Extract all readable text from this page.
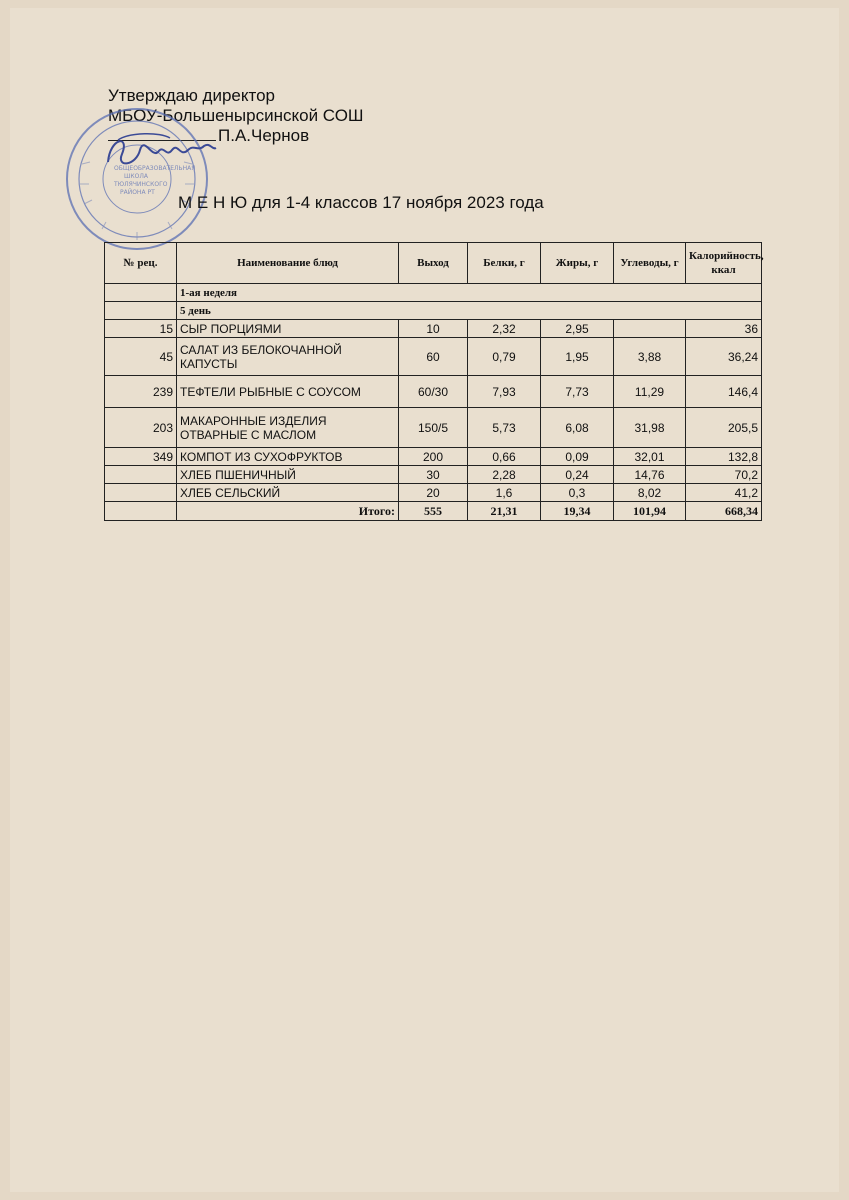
Утверждаю директор
МБОУ-Большенырсинской СОШ
П.А.Чернов
ОБЩЕОБРАЗОВАТЕЛЬНАЯ
ШКОЛА
ТЮЛЯЧИНСКОГО
РАЙОНА РТ
М Е Н Ю для 1-4 классов 17 ноября 2023 года
№ рец.	Наименование блюд	Выход	Белки, г	Жиры, г	Углеводы, г	Калорийность, ккал
	1-ая неделя					
	5 день					
15	СЫР ПОРЦИЯМИ	10	2,32	2,95		36
45	САЛАТ ИЗ БЕЛОКОЧАННОЙ КАПУСТЫ	60	0,79	1,95	3,88	36,24
239	ТЕФТЕЛИ РЫБНЫЕ С СОУСОМ	60/30	7,93	7,73	11,29	146,4
203	МАКАРОННЫЕ ИЗДЕЛИЯ ОТВАРНЫЕ С МАСЛОМ	150/5	5,73	6,08	31,98	205,5
349	КОМПОТ ИЗ СУХОФРУКТОВ	200	0,66	0,09	32,01	132,8
	ХЛЕБ ПШЕНИЧНЫЙ	30	2,28	0,24	14,76	70,2
	ХЛЕБ СЕЛЬСКИЙ	20	1,6	0,3	8,02	41,2
	Итого:	555	21,31	19,34	101,94	668,34
